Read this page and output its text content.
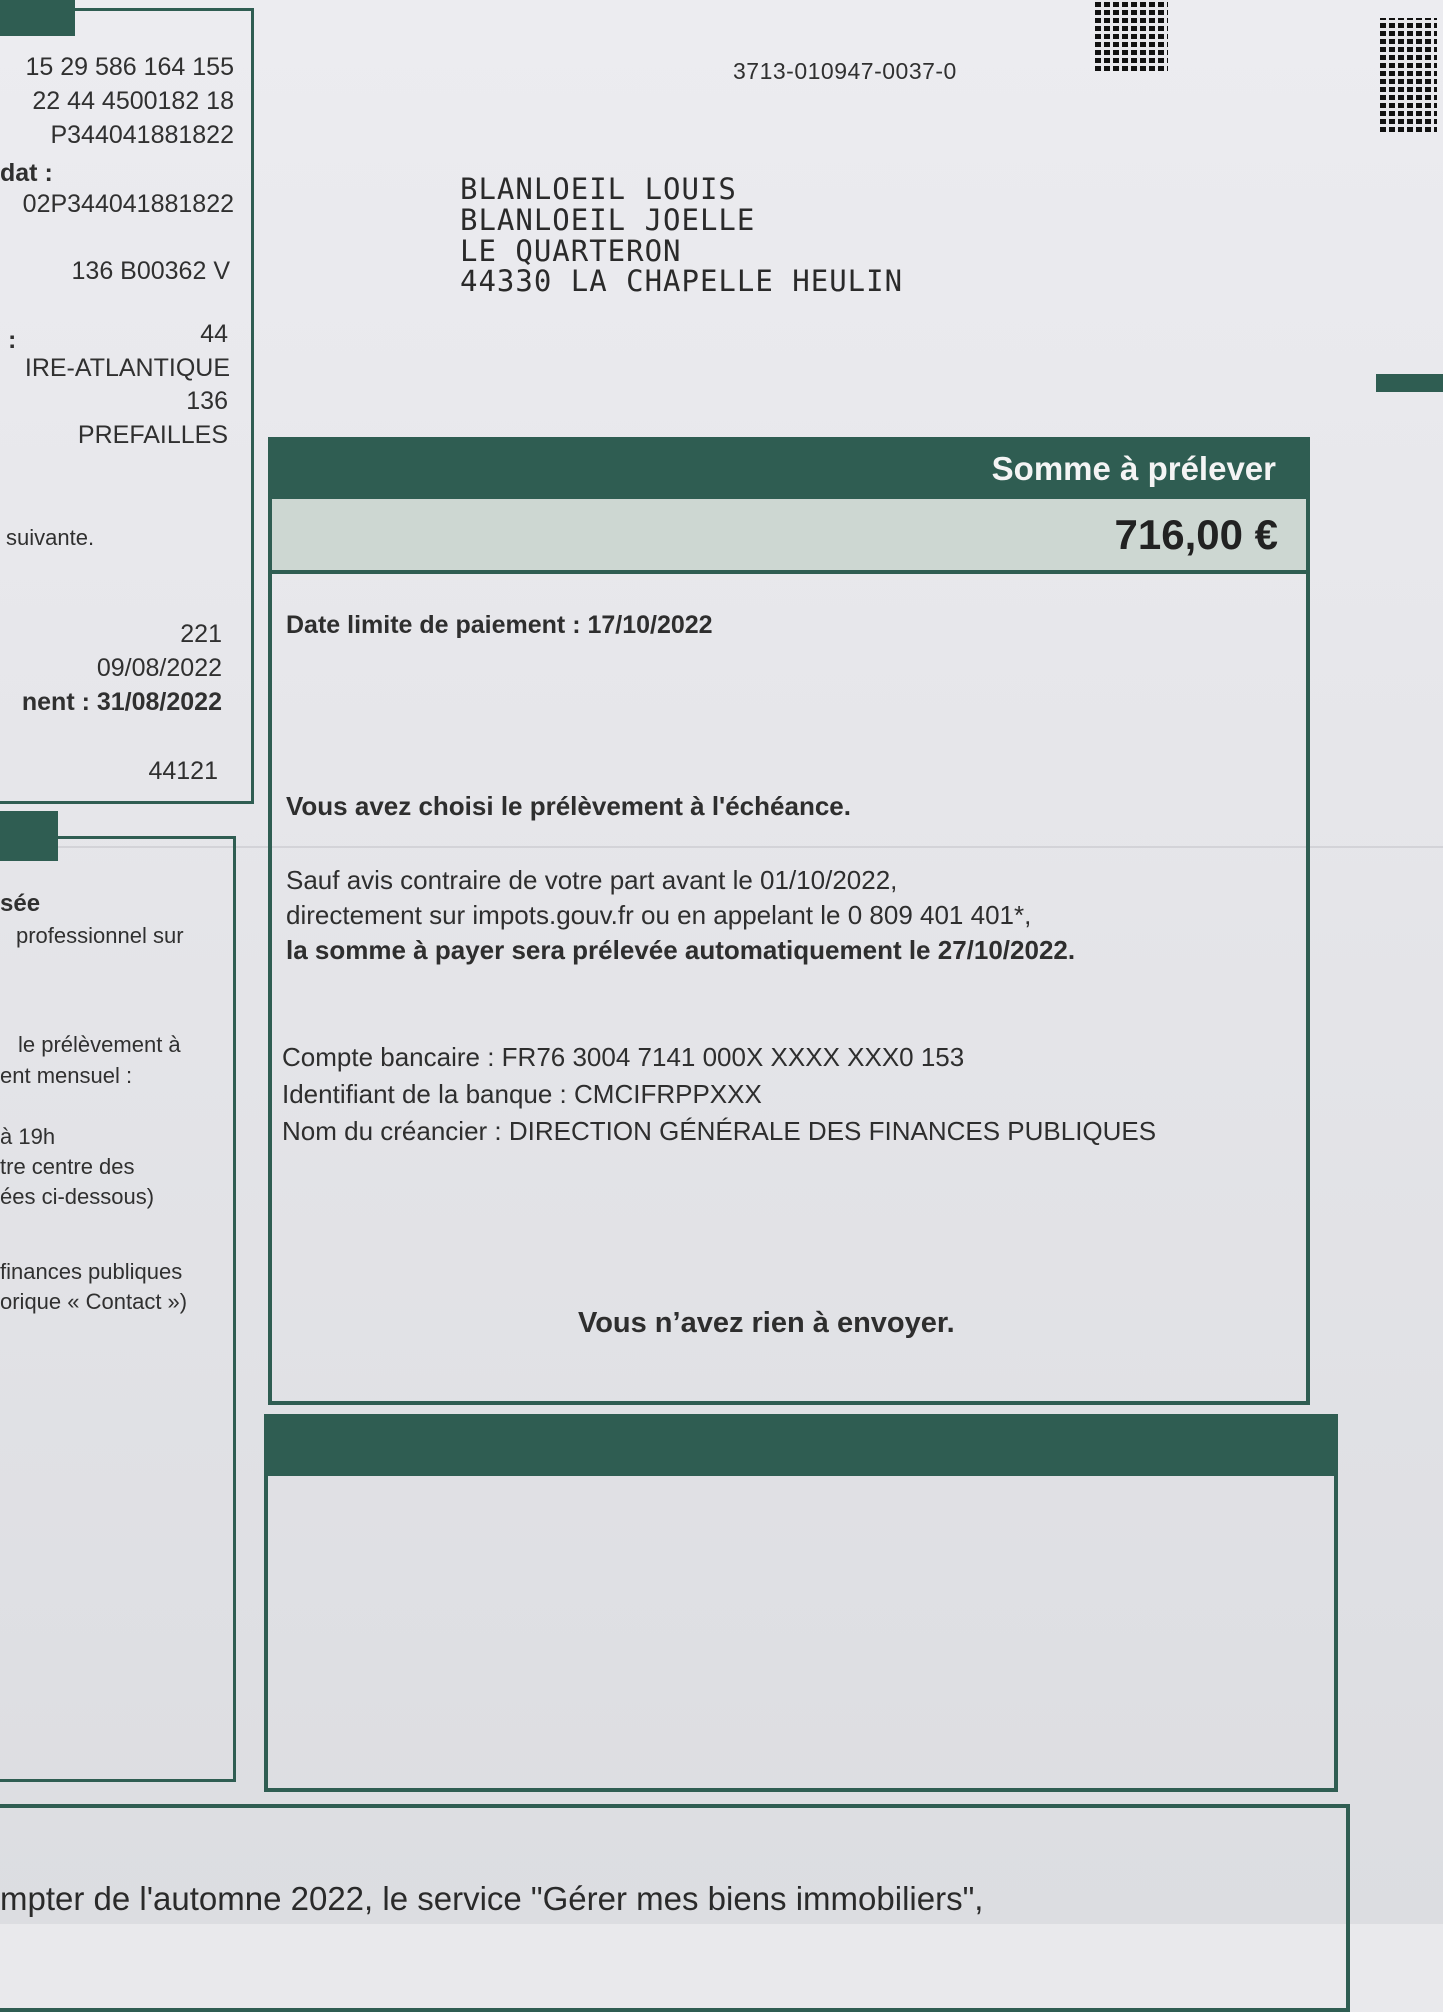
15 29 586 164 155
22 44 4500182 18
P344041881822
dat :
02P344041881822
136 B00362 V
:	44
IRE-ATLANTIQUE
136
PREFAILLES
suivante.
221
09/08/2022
nent : 31/08/2022
44121
sée
professionnel sur
le prélèvement à
ent mensuel :
à 19h
tre centre des
ées ci-dessous)
finances publiques
orique « Contact »)
3713-010947-0037-0
BLANLOEIL LOUIS
BLANLOEIL JOELLE
LE QUARTERON
44330 LA CHAPELLE HEULIN
Somme à prélever
716,00 €
Date limite de paiement : 17/10/2022
Vous avez choisi le prélèvement à l'échéance.
Sauf avis contraire de votre part avant le 01/10/2022,
directement sur impots.gouv.fr ou en appelant le 0 809 401 401*,
la somme à payer sera prélevée automatiquement le 27/10/2022.
Compte bancaire : FR76 3004 7141 000X XXXX XXX0 153
Identifiant de la banque : CMCIFRPPXXX
Nom du créancier : DIRECTION GÉNÉRALE DES FINANCES PUBLIQUES
Vous n’avez rien à envoyer.
mpter de l'automne 2022, le service "Gérer mes biens immobiliers",
